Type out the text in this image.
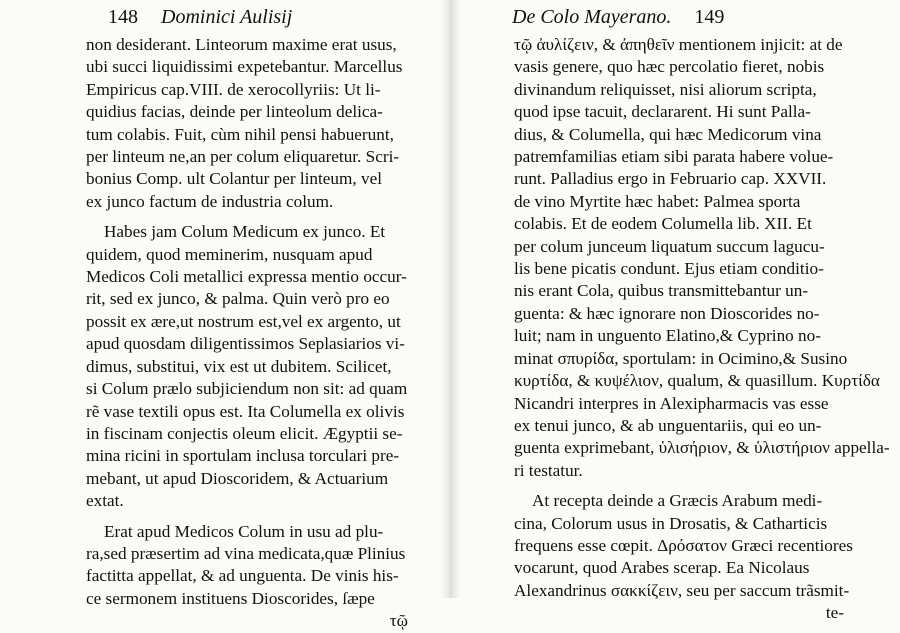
148 Dominici Aulisij
non desiderant. Linteorum maxime erat usus,
ubi succi liquidissimi expetebantur. Marcellus
Empiricus cap.VIII. de xerocollyriis: Ut li-
quidius facias, deinde per linteolum delica-
tum colabis. Fuit, cùm nihil pensi habuerunt,
per linteum ne,an per colum eliquaretur. Scri-
bonius Comp. ult Colantur per linteum, vel
ex junco factum de industria colum.
Habes jam Colum Medicum ex junco. Et
quidem, quod meminerim, nusquam apud
Medicos Coli metallici expressa mentio occur-
rit, sed ex junco, & palma. Quin verò pro eo
possit ex ære,ut nostrum est,vel ex argento, ut
apud quosdam diligentissimos Seplasiarios vi-
dimus, substitui, vix est ut dubitem. Scilicet,
si Colum prælo subjiciendum non sit: ad quam
rẽ vase textili opus est. Ita Columella ex olivis
in fiscinam conjectis oleum elicit. Ægyptii se-
mina ricini in sportulam inclusa torculari pre-
mebant, ut apud Dioscoridem, & Actuarium
extat.
Erat apud Medicos Colum in usu ad plu-
ra,sed præsertim ad vina medicata,quæ Plinius
factitta appellat, & ad unguenta. De vinis his-
ce sermonem instituens Dioscorides, ſæpe
τῷ
De Colo Mayerano. 149
τῷ ἀυλίζειν, & ἀπηθεῖν mentionem injicit: at de
vasis genere, quo hæc percolatio fieret, nobis
divinandum reliquisset, nisi aliorum scripta,
quod ipse tacuit, declararent. Hi sunt Palla-
dius, & Columella, qui hæc Medicorum vina
patremfamilias etiam sibi parata habere volue-
runt. Palladius ergo in Februario cap. XXVII.
de vino Myrtite hæc habet: Palmea sporta
colabis. Et de eodem Columella lib. XII. Et
per colum junceum liquatum succum lagucu-
lis bene picatis condunt. Ejus etiam conditio-
nis erant Cola, quibus transmittebantur un-
guenta: & hæc ignorare non Dioscorides no-
luit; nam in unguento Elatino,& Cyprino no-
minat σπυρίδα, sportulam: in Ocimino,& Susino
κυρτίδα, & κυψέλιον, qualum, & quasillum. Κυρτίδα
Nicandri interpres in Alexipharmacis vas esse
ex tenui junco, & ab unguentariis, qui eo un-
guenta exprimebant, ὑλισήριον, & ὑλιστήριον appella-
ri testatur.
At recepta deinde a Græcis Arabum medi-
cina, Colorum usus in Drosatis, & Catharticis
frequens esse cœpit. Δρόσατον Græci recentiores
vocarunt, quod Arabes scerap. Ea Nicolaus
Alexandrinus σακκίζειν, seu per saccum trãsmit-
te-
